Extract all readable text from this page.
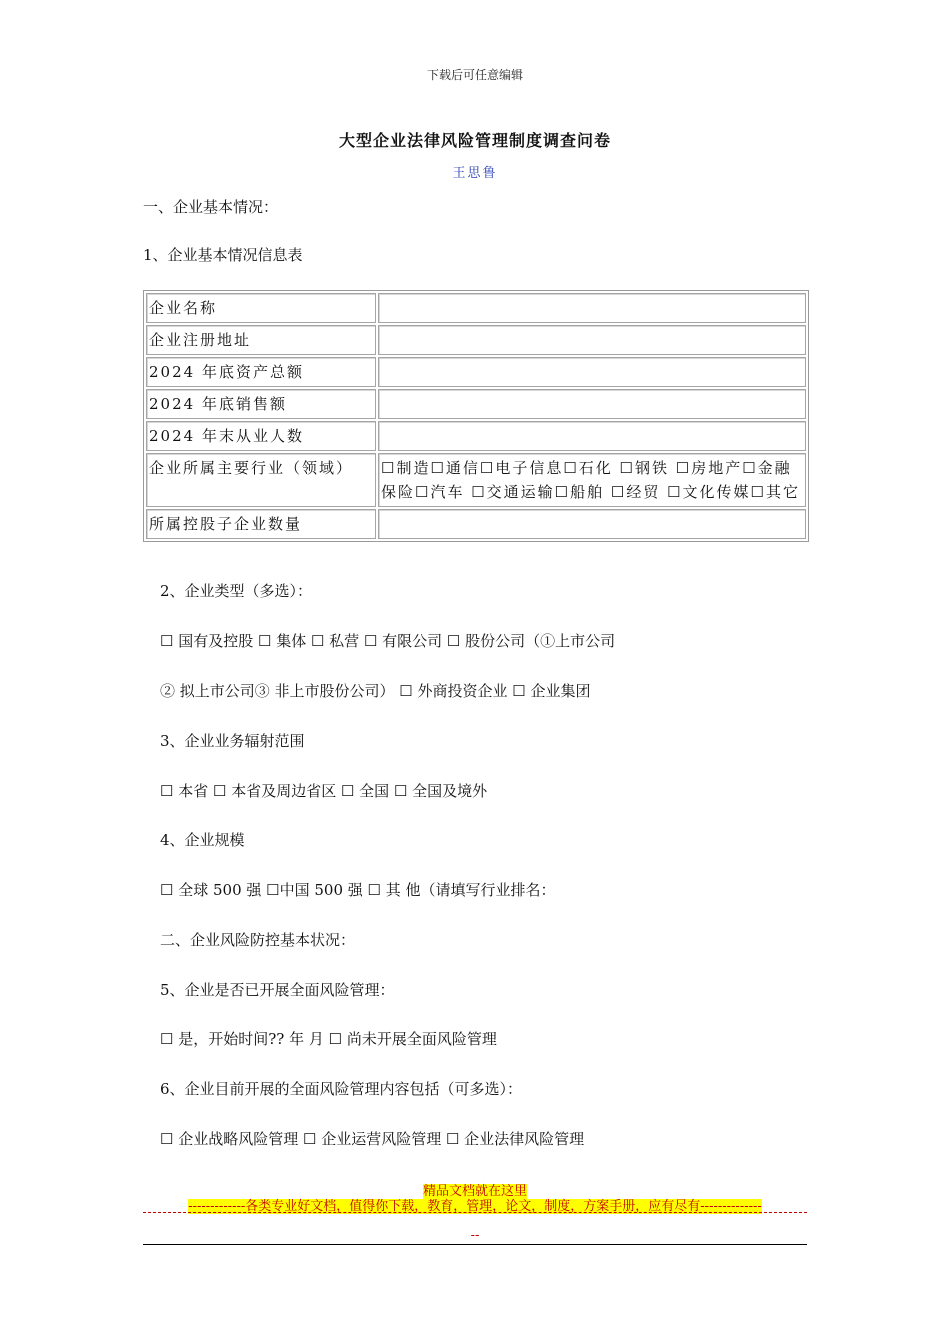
下载后可任意编辑
大型企业法律风险管理制度调查问卷
王思鲁
一、企业基本情况：
1、企业基本情况信息表
企业名称	
企业注册地址	
2024 年底资产总额	
2024 年底销售额	
2024 年末从业人数	
企业所属主要行业（领域）	☐制造☐通信☐电子信息☐石化 ☐钢铁 ☐房地产☐金融保险☐汽车 ☐交通运输☐船舶 ☐经贸 ☐文化传媒☐其它
所属控股子企业数量	
2、企业类型（多选）：
☐ 国有及控股 ☐ 集体 ☐ 私营 ☐ 有限公司 ☐ 股份公司（①上市公司
② 拟上市公司③ 非上市股份公司） ☐ 外商投资企业 ☐ 企业集团
3、企业业务辐射范围
☐ 本省 ☐ 本省及周边省区 ☐ 全国 ☐ 全国及境外
4、企业规模
☐ 全球 500 强 ☐中国 500 强 ☐ 其 他（请填写行业排名：
二、企业风险防控基本状况：
5、企业是否已开展全面风险管理：
☐ 是，开始时间?? 年 月 ☐ 尚未开展全面风险管理
6、企业目前开展的全面风险管理内容包括（可多选）：
☐ 企业战略风险管理 ☐ 企业运营风险管理 ☐ 企业法律风险管理
精品文档就在这里
-------------各类专业好文档，值得你下载，教育，管理，论文，制度，方案手册，应有尽有--------------
--
